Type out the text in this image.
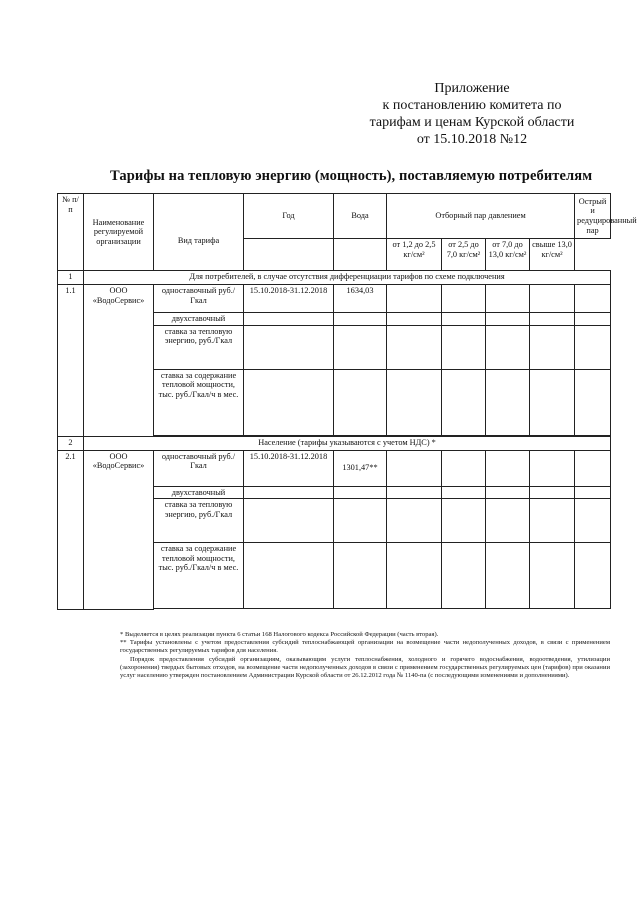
Приложение
к постановлению комитета по
тарифам и ценам Курской области
от 15.10.2018 №12
Тарифы на тепловую энергию (мощность), поставляемую потребителям
№ п/п	Наименование регулируемой организации	Вид тарифа	Год	Вода	Отборный пар давлением				Острый и редуцированный пар
					от 1,2 до 2,5 кг/см²	от 2,5 до 7,0 кг/см²	от 7,0 до 13,0 кг/см²	свыше 13,0 кг/см²	
1	Для потребителей, в случае отсутствия дифференциации тарифов по схеме подключения								
1.1	ООО «ВодоСервис»	одноставочный руб./Гкал	15.10.2018-31.12.2018	1634,03					
		двухставочный							
		ставка за тепловую энергию, руб./Гкал							
		ставка за содержание тепловой мощности, тыс. руб./Гкал/ч в мес.							

2	Население (тарифы указываются с учетом НДС) *								
2.1	ООО «ВодоСервис»	одноставочный руб./Гкал	15.10.2018-31.12.2018	1301,47**					
		двухставочный							
		ставка за тепловую энергию, руб./Гкал							
		ставка за содержание тепловой мощности, тыс. руб./Гкал/ч в мес.							

* Выделяется в целях реализации пункта 6 статьи 168 Налогового кодекса Российской Федерации (часть вторая).

** Тарифы установлены с учетом предоставления субсидий теплоснабжающей организации на возмещение части недополученных доходов, в связи с применением государственных регулируемых тарифов для населения.

Порядок предоставления субсидий организациям, оказывающим услуги теплоснабжения, холодного и горячего водоснабжения, водоотведения, утилизации (захоронения) твердых бытовых отходов, на возмещение части недополученных доходов в связи с применением государственных регулируемых цен (тарифов) при оказании услуг населению утвержден постановлением Администрации Курской области от 26.12.2012 года № 1140-па (с последующими изменениями и дополнениями).
